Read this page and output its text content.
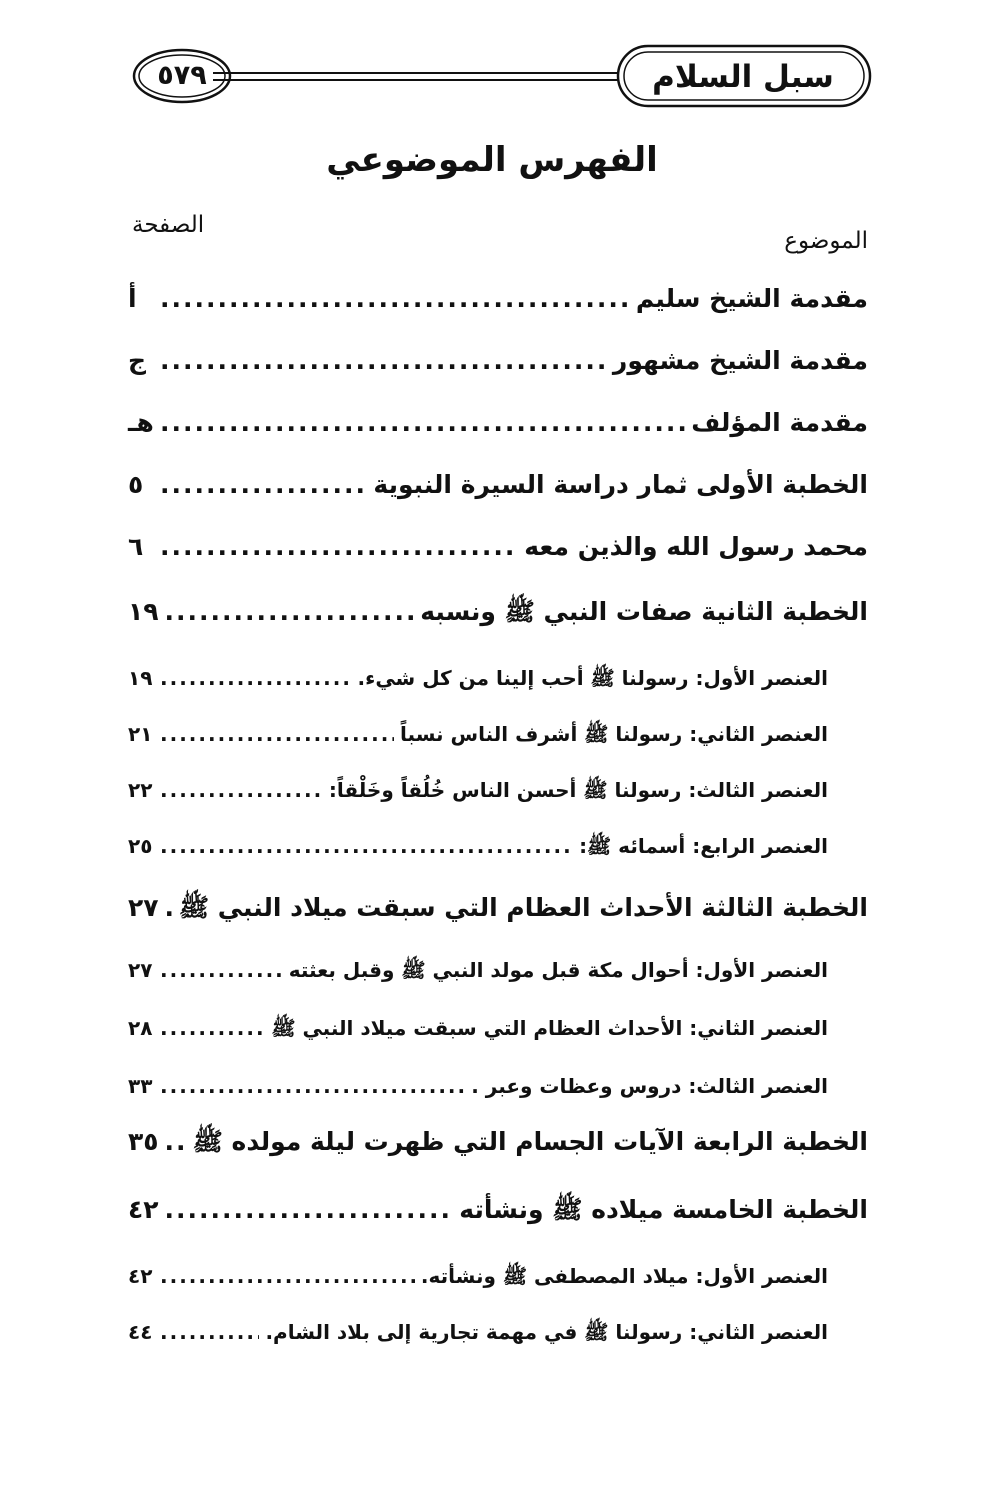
٥٧٩	سبل السلام
الفهرس الموضوعي
الموضوع
الصفحة
مقدمة الشيخ سليم
.....
أ
مقدمة الشيخ مشهور
.....
ج
مقدمة المؤلف
.....
هـ
الخطبة الأولى ثمار دراسة السيرة النبوية
.....
٥
محمد رسول الله والذين معه
.....
٦
الخطبة الثانية صفات النبي ﷺ ونسبه
.....
١٩
العنصر الأول: رسولنا ﷺ أحب إلينا من كل شيء.
.....
١٩
العنصر الثاني: رسولنا ﷺ أشرف الناس نسباً
.....
٢١
العنصر الثالث: رسولنا ﷺ أحسن الناس خُلُقاً وخَلْقاً:
.....
٢٢
العنصر الرابع: أسمائه ﷺ:
.....
٢٥
الخطبة الثالثة الأحداث العظام التي سبقت ميلاد النبي ﷺ
.....
٢٧
العنصر الأول: أحوال مكة قبل مولد النبي ﷺ وقبل بعثته
.....
٢٧
العنصر الثاني: الأحداث العظام التي سبقت ميلاد النبي ﷺ
.....
٢٨
العنصر الثالث: دروس وعظات وعبر .
.....
٣٣
الخطبة الرابعة الآيات الجسام التي ظهرت ليلة مولده ﷺ
.....
٣٥
الخطبة الخامسة ميلاده ﷺ ونشأته
.....
٤٢
العنصر الأول: ميلاد المصطفى ﷺ ونشأته.
.....
٤٢
العنصر الثاني: رسولنا ﷺ في مهمة تجارية إلى بلاد الشام.
.....
٤٤
